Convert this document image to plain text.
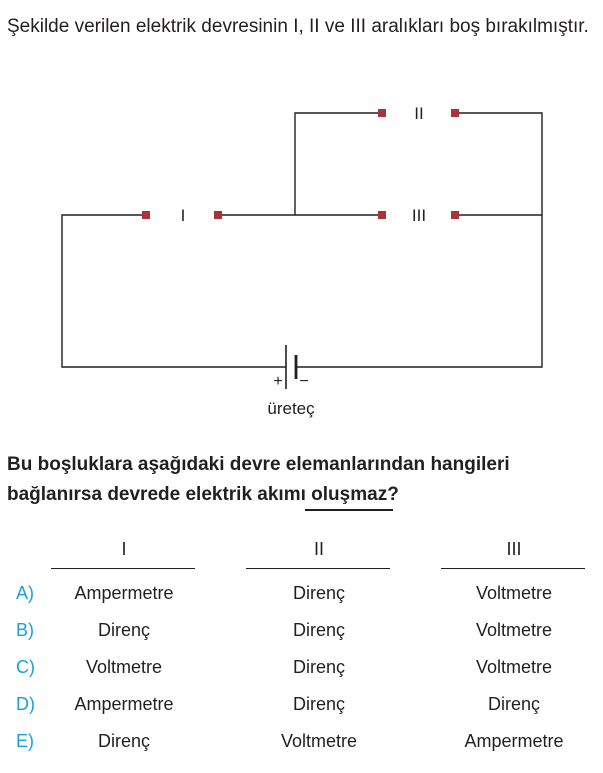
Şekilde verilen elektrik devresinin I, II ve III aralıkları boş bırakılmıştır.

+ −
üreteç
I
II
III

Bu boşluklara aşağıdaki devre elemanlarından hangileri bağlanırsa devrede elektrik akımı oluşmaz?

I	II	III
A)	Ampermetre	Direnç	Voltmetre
B)	Direnç	Direnç	Voltmetre
C)	Voltmetre	Direnç	Voltmetre
D)	Ampermetre	Direnç	Direnç
E)	Direnç	Voltmetre	Ampermetre
